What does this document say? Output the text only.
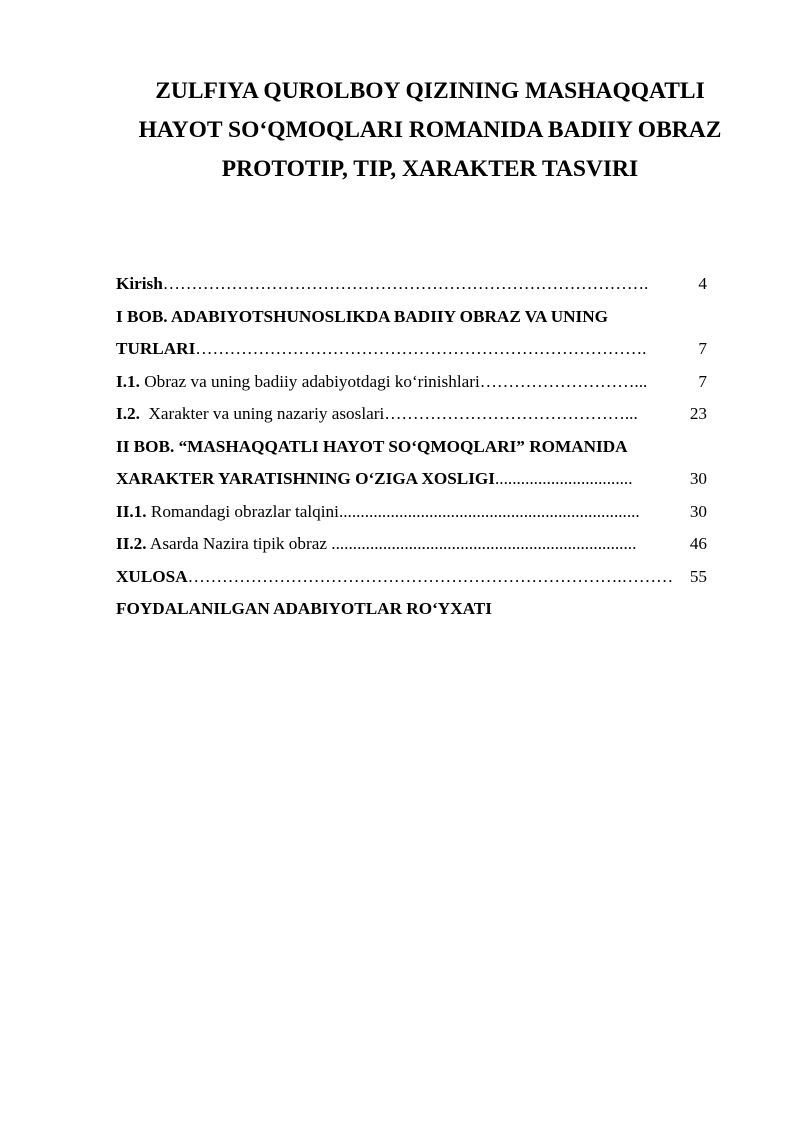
ZULFIYA QUROLBOY QIZINING MASHAQQATLI
HAYOT SO‘QMOQLARI ROMANIDA BADIIY OBRAZ
PROTOTIP, TIP, XARAKTER TASVIRI
Kirish ………………………………………………………………………….	4
I BOB. ADABIYOTSHUNOSLIKDA BADIIY OBRAZ VA UNING
TURLARI …………………………………………………………………….	7
I.1. Obraz va uning badiiy adabiyotdagi ko‘rinishlari ………………………...	7
I.2. Xarakter va uning nazariy asoslari ……………………………………...	23
II BOB. “MASHAQQATLI HAYOT SO‘QMOQLARI” ROMANIDA
XARAKTER YARATISHNING O‘ZIGA XOSLIGI ................................	30
II.1. Romandagi obrazlar talqini ......................................................................	30
II.2. Asarda Nazira tipik obraz .......................................................................	46
XULOSA ………………………………………………………………….……… 55
FOYDALANILGAN ADABIYOTLAR RO‘YXATI
